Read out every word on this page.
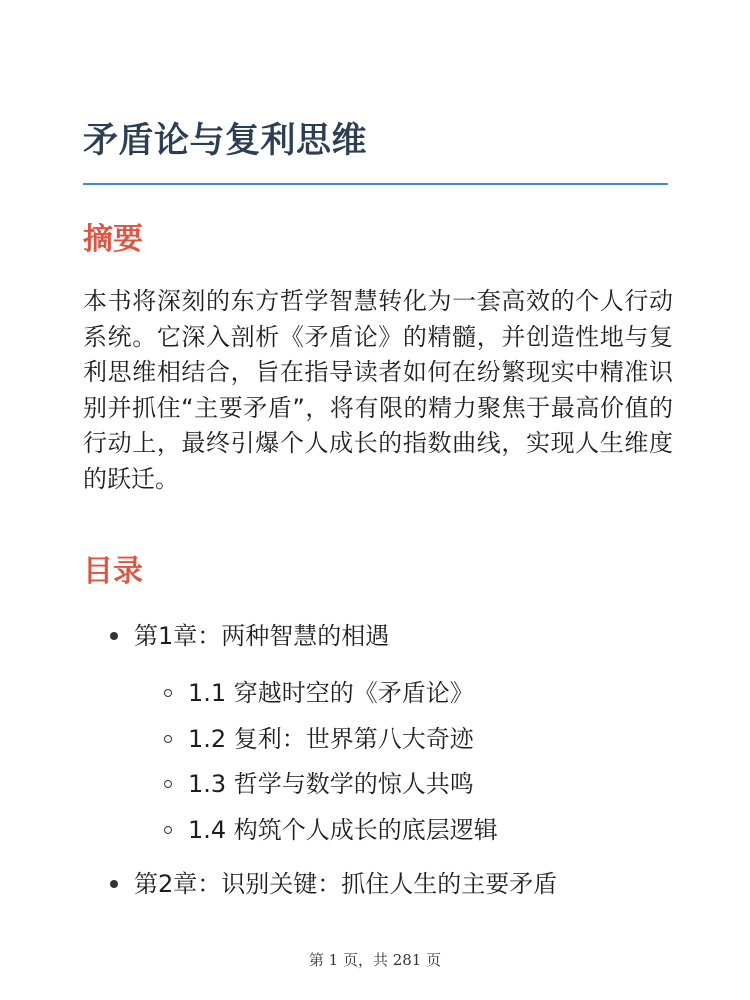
矛盾论与复利思维
摘要

本书将深刻的东方哲学智慧转化为一套高效的个人行动系统。它深入剖析《矛盾论》的精髓，并创造性地与复利思维相结合，旨在指导读者如何在纷繁现实中精准识别并抓住“主要矛盾”，将有限的精力聚焦于最高价值的行动上，最终引爆个人成长的指数曲线，实现人生维度的跃迁。

目录
第1章：两种智慧的相遇
1.1 穿越时空的《矛盾论》
1.2 复利：世界第八大奇迹
1.3 哲学与数学的惊人共鸣
1.4 构筑个人成长的底层逻辑
第2章：识别关键：抓住人生的主要矛盾
第 1 页，共 281 页
